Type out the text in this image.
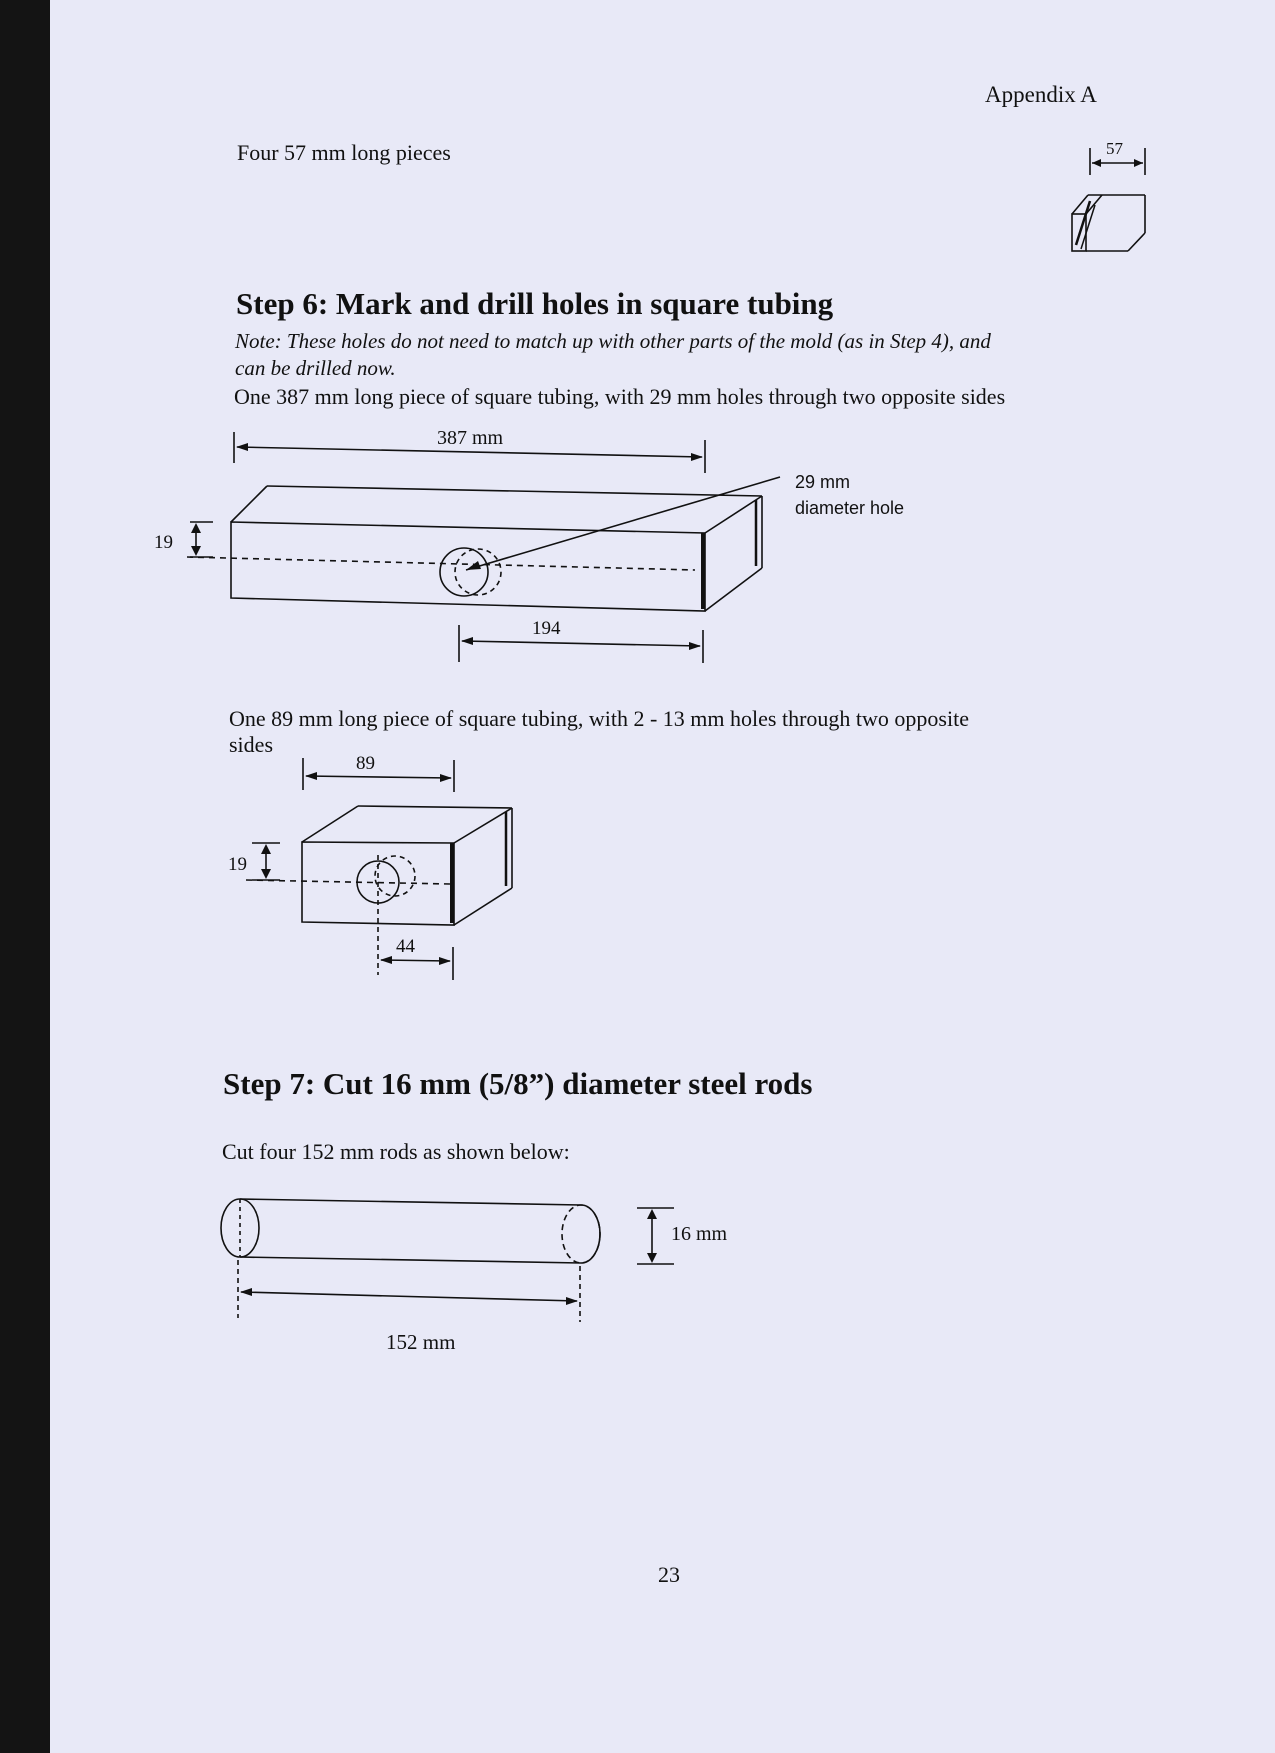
Appendix A
Four 57 mm long pieces	57
Step 6: Mark and drill holes in square tubing
Note: These holes do not need to match up with other parts of the mold (as in Step 4), and
can be drilled now.
One 387 mm long piece of square tubing, with 29 mm holes through two opposite sides
387 mm
19
29 mm
diameter hole
194
One 89 mm long piece of square tubing, with 2 - 13 mm holes through two opposite
sides
89
19
44
Step 7: Cut 16 mm (5/8”) diameter steel rods
Cut four 152 mm rods as shown below:
16 mm
152 mm
23
